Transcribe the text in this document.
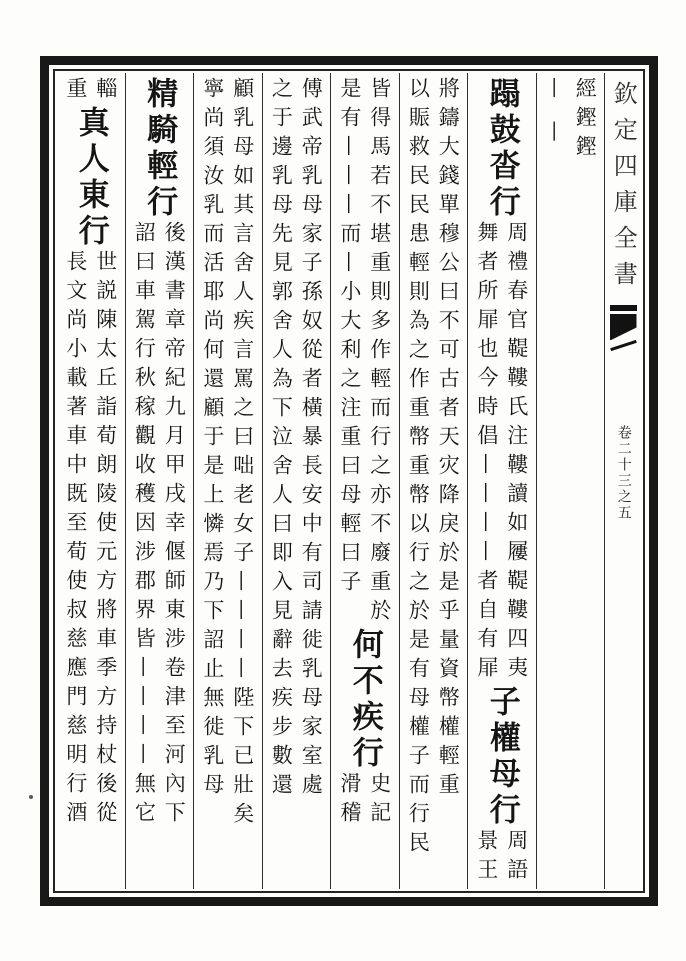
欽定四庫全書
卷二十三之五
經鏗鏗
— —
蹋鼓沓行
周禮春官鞮鞻氏注鞻讀如屨鞮鞻四夷
舞者所屝也今時倡————者自有屝
子權母行
周語
景王
將鑄大錢單穆公曰不可古者天灾降戾於是乎量資幣權輕重
以賑救民民患輕則為之作重幣重幣以行之於是有母權子而行民
皆得馬若不堪重則多作輕而行之亦不廢重於
是有———而—小大利之注重曰母輕曰子
何不疾行
史記
滑稽
傅武帝乳母家子孫奴從者橫暴長安中有司請徙乳母家室處
之于邊乳母先見郭舍人為下泣舍人曰即入見辭去疾步數還
顧乳母如其言舍人疾言罵之曰咄老女子————陛下已壯矣
寧尚須汝乳而活耶尚何還顧于是上憐焉乃下詔止無徙乳母
精騎輕行
後漢書章帝紀九月甲戌幸偃師東涉卷津至河內下
詔曰車駕行秋稼觀收穫因涉郡界皆————無它
輜
重
真人東行
世説陳太丘詣荀朗陵使元方將車季方持杖後從
長文尚小載著車中既至荀使叔慈應門慈明行酒
